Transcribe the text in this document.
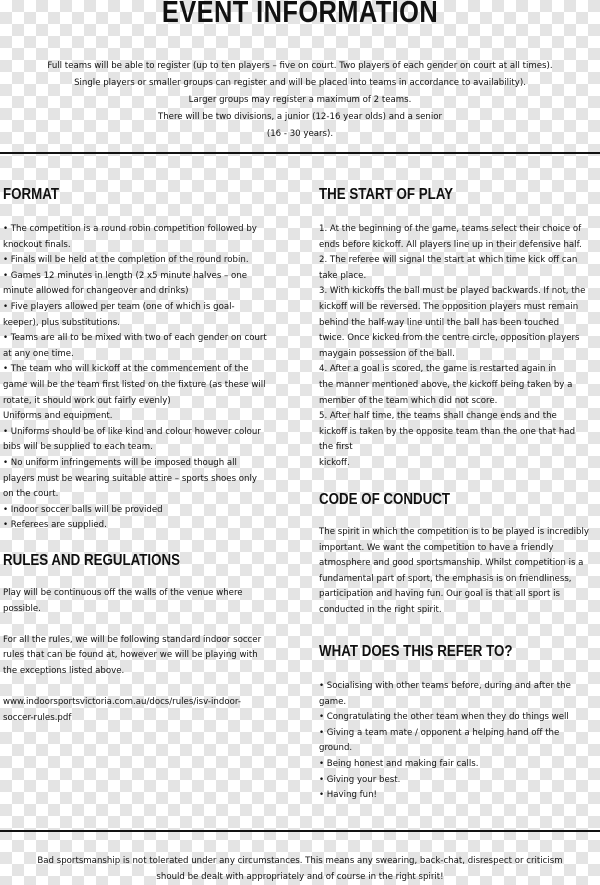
EVENT INFORMATION

Full teams will be able to register (up to ten players – five on court. Two players of each gender on court at all times).

Single players or smaller groups can register and will be placed into teams in accordance to availability).

Larger groups may register a maximum of 2 teams.

There will be two divisions, a junior (12-16 year olds) and a senior

(16 - 30 years).

FORMAT

• The competition is a round robin competition followed by

knockout finals.

• Finals will be held at the completion of the round robin.

• Games 12 minutes in length (2 x5 minute halves – one

minute allowed for changeover and drinks)

• Five players allowed per team (one of which is goal-

keeper), plus substitutions.

• Teams are all to be mixed with two of each gender on court

at any one time.

• The team who will kickoff at the commencement of the

game will be the team first listed on the fixture (as these will

rotate, it should work out fairly evenly)

Uniforms and equipment.

• Uniforms should be of like kind and colour however colour

bibs will be supplied to each team.

• No uniform infringements will be imposed though all

players must be wearing suitable attire – sports shoes only

on the court.

• Indoor soccer balls will be provided

• Referees are supplied.

RULES AND REGULATIONS

Play will be continuous off the walls of the venue where

possible.

For all the rules, we will be following standard indoor soccer

rules that can be found at, however we will be playing with

the exceptions listed above.

www.indoorsportsvictoria.com.au/docs/rules/isv-indoor-

soccer-rules.pdf

THE START OF PLAY

1. At the beginning of the game, teams select their choice of

ends before kickoff. All players line up in their defensive half.

2. The referee will signal the start at which time kick off can

take place.

3. With kickoffs the ball must be played backwards. If not, the

kickoff will be reversed. The opposition players must remain

behind the half-way line until the ball has been touched

twice. Once kicked from the centre circle, opposition players

maygain possession of the ball.

4. After a goal is scored, the game is restarted again in

the manner mentioned above, the kickoff being taken by a

member of the team which did not score.

5. After half time, the teams shall change ends and the

kickoff is taken by the opposite team than the one that had

the first

kickoff.

CODE OF CONDUCT

The spirit in which the competition is to be played is incredibly

important. We want the competition to have a friendly

atmosphere and good sportsmanship. Whilst competition is a

fundamental part of sport, the emphasis is on friendliness,

participation and having fun. Our goal is that all sport is

conducted in the right spirit.

WHAT DOES THIS REFER TO?

• Socialising with other teams before, during and after the

game.

• Congratulating the other team when they do things well

• Giving a team mate / opponent a helping hand off the

ground.

• Being honest and making fair calls.

• Giving your best.

• Having fun!

Bad sportsmanship is not tolerated under any circumstances. This means any swearing, back-chat, disrespect or criticism

should be dealt with appropriately and of course in the right spirit!
